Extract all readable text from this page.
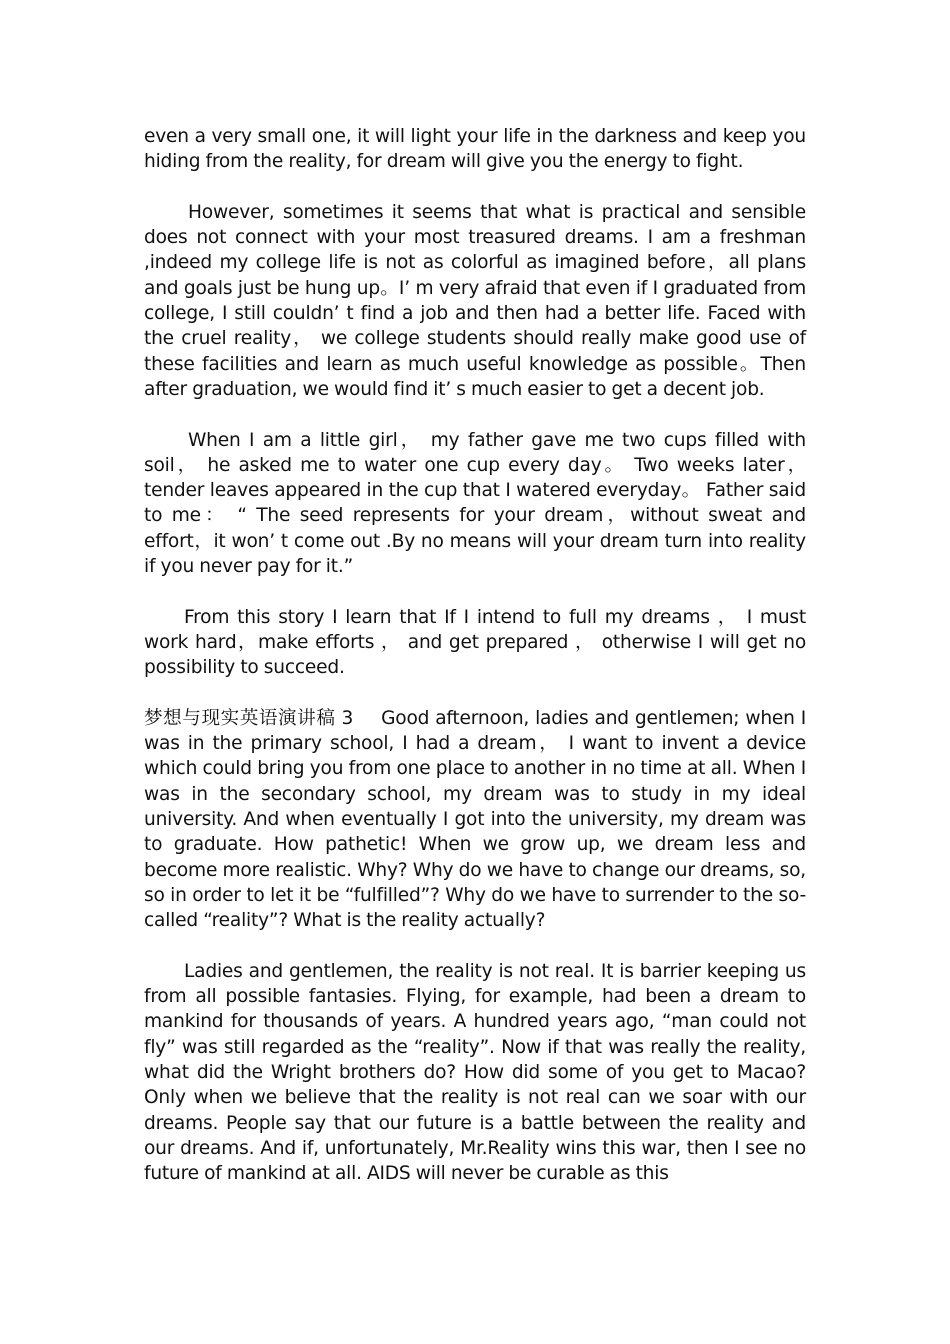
even a very small one, it will light your life in the darkness and keep you hiding from the reality, for dream will give you the energy to fight.

However, sometimes it seems that what is practical and sensible does not connect with your most treasured dreams. I am a freshman ,indeed my college life is not as colorful as imagined before，all plans and goals just be hung up。I’ m very afraid that even if I graduated from college, I still couldn’ t find a job and then had a better life. Faced with the cruel reality， we college students should really make good use of these facilities and learn as much useful knowledge as possible。Then after graduation, we would find it’ s much easier to get a decent job.

When I am a little girl， my father gave me two cups filled with soil， he asked me to water one cup every day。 Two weeks later， tender leaves appeared in the cup that I watered everyday。 Father said to me： “ The seed represents for your dream，without sweat and effort，it won’ t come out .By no means will your dream turn into reality if you never pay for it.”

From this story I learn that If I intend to full my dreams ， I must work hard，make efforts ， and get prepared ， otherwise I will get no possibility to succeed.

梦想与现实英语演讲稿 3 Good afternoon, ladies and gentlemen; when I was in the primary school, I had a dream， I want to invent a device which could bring you from one place to another in no time at all. When I was in the secondary school, my dream was to study in my ideal university. And when eventually I got into the university, my dream was to graduate. How pathetic! When we grow up, we dream less and become more realistic. Why? Why do we have to change our dreams, so, so in order to let it be “fulfilled”? Why do we have to surrender to the so-called “reality”? What is the reality actually?

Ladies and gentlemen, the reality is not real. It is barrier keeping us from all possible fantasies. Flying, for example, had been a dream to mankind for thousands of years. A hundred years ago, “man could not fly” was still regarded as the “reality”. Now if that was really the reality, what did the Wright brothers do? How did some of you get to Macao? Only when we believe that the reality is not real can we soar with our dreams. People say that our future is a battle between the reality and our dreams. And if, unfortunately, Mr.Reality wins this war, then I see no future of mankind at all. AIDS will never be curable as this
